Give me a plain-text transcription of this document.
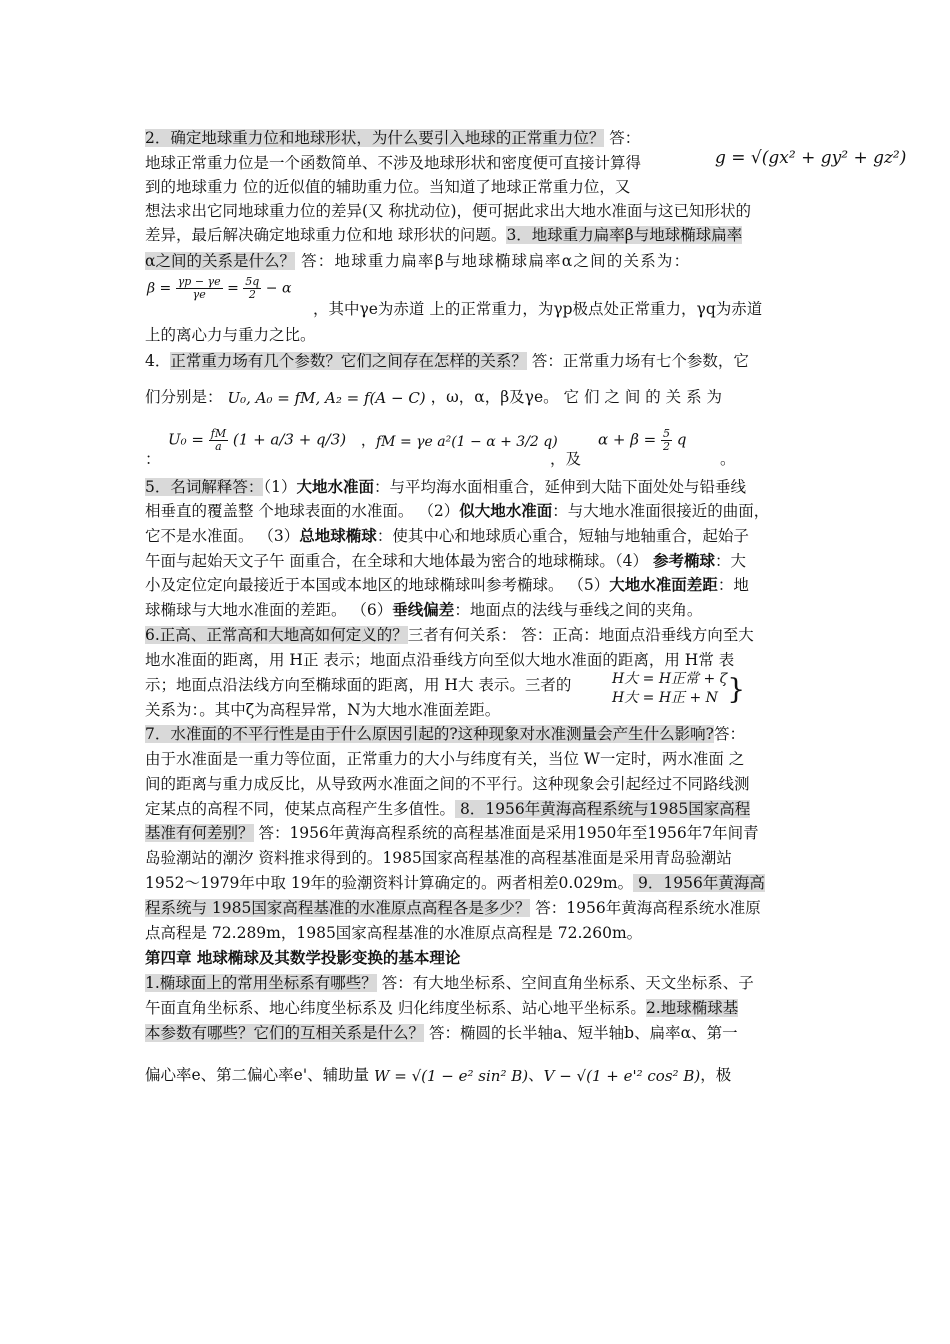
g = √(gx² + gy² + gz²)
2．确定地球重力位和地球形状，为什么要引入地球的正常重力位？ 答：
地球正常重力位是一个函数简单、不涉及地球形状和密度便可直接计算得
到的地球重力 位的近似值的辅助重力位。当知道了地球正常重力位，又
想法求出它同地球重力位的差异(又 称扰动位)，便可据此求出大地水准面与这已知形状的
差异，最后解决确定地球重力位和地 球形状的问题。3．地球重力扁率β与地球椭球扁率
α之间的关系是什么？ 答：地球重力扁率β与地球椭球扁率α之间的关系为：
$\beta = \frac{\gamma p - \gamma e}{\gamma e} = \frac{5q}{2} - \alpha$
，其中γe为赤道 上的正常重力，为γp极点处正常重力，γq为赤道
上的离心力与重力之比。
4．正常重力场有几个参数？它们之间存在怎样的关系？ 答：正常重力场有七个参数，它
们分别是： U₀, A₀ = fM, A₂ = f(A − C) ，ω，α，β及γe。 它 们 之 间 的 关 系 为
：
$U_0 = \frac{fM}{a} (1 + a/3 + q/3)$ ， fM = γe a²(1 − α + 3/2 q)
，及
$\alpha + \beta = \frac{5}{2}$ q
。
5．名词解释答：（1）大地水准面：与平均海水面相重合，延伸到大陆下面处处与铅垂线
相垂直的覆盖整 个地球表面的水准面。 （2）似大地水准面：与大地水准面很接近的曲面，
它不是水准面。 （3）总地球椭球：使其中心和地球质心重合，短轴与地轴重合，起始子
午面与起始天文子午 面重合，在全球和大地体最为密合的地球椭球。（4） 参考椭球：大
小及定位定向最接近于本国或本地区的地球椭球叫参考椭球。 （5）大地水准面差距：地
球椭球与大地水准面的差距。 （6）垂线偏差：地面点的法线与垂线之间的夹角。
6.正高、正常高和大地高如何定义的？三者有何关系： 答：正高：地面点沿垂线方向至大
地水准面的距离，用 H正 表示；地面点沿垂线方向至似大地水准面的距离，用 H常 表
示；地面点沿法线方向至椭球面的距离，用 H大 表示。三者的	H大 = H正常 + ζ
H大 = H正 + N }
关系为：。其中ζ为高程异常，N为大地水准面差距。
7．水准面的不平行性是由于什么原因引起的?这种现象对水准测量会产生什么影响?答：
由于水准面是一重力等位面，正常重力的大小与纬度有关，当位 W一定时，两水准面 之
间的距离与重力成反比，从导致两水准面之间的不平行。这种现象会引起经过不同路线测
定某点的高程不同，使某点高程产生多值性。 8．1956年黄海高程系统与1985国家高程
基准有何差别？ 答：1956年黄海高程系统的高程基准面是采用1950年至1956年7年间青
岛验潮站的潮汐 资料推求得到的。1985国家高程基准的高程基准面是采用青岛验潮站
1952～1979年中取 19年的验潮资料计算确定的。两者相差0.029m。 9．1956年黄海高
程系统与 1985国家高程基准的水准原点高程各是多少？ 答：1956年黄海高程系统水准原
点高程是 72.289m，1985国家高程基准的水准原点高程是 72.260m。
第四章 地球椭球及其数学投影变换的基本理论
1.椭球面上的常用坐标系有哪些？ 答：有大地坐标系、空间直角坐标系、天文坐标系、子
午面直角坐标系、地心纬度坐标系及 归化纬度坐标系、站心地平坐标系。2.地球椭球基
本参数有哪些？它们的互相关系是什么？ 答：椭圆的长半轴a、短半轴b、扁率α、第一
偏心率e、第二偏心率e'、辅助量 W = √(1 − e² sin² B)、V − √(1 + e'² cos² B)，极
